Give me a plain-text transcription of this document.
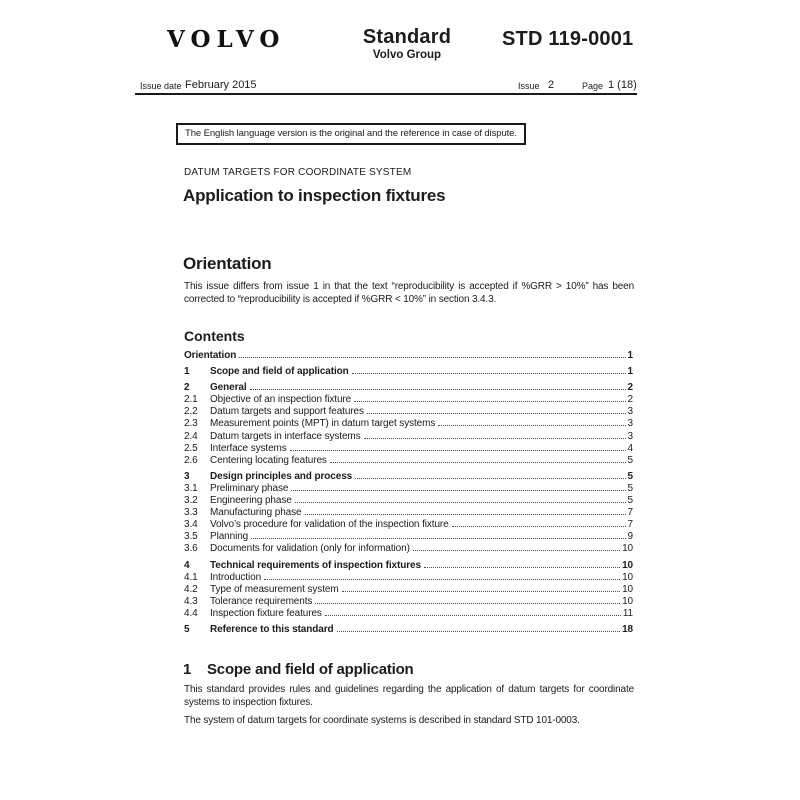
VOLVO	Standard
Volvo Group
STD 119-0001
Issue date February 2015	Issue 2	Page 1 (18)
The English language version is the original and the reference in case of dispute.
DATUM TARGETS FOR COORDINATE SYSTEM
Application to inspection fixtures
Orientation
This issue differs from issue 1 in that the text “reproducibility is accepted if %GRR > 10%” has been corrected to “reproducibility is accepted if %GRR < 10%” in section 3.4.3.
Contents
Orientation	1
1	Scope and field of application	1
2	General	2
2.1	Objective of an inspection fixture	2
2.2	Datum targets and support features	3
2.3	Measurement points (MPT) in datum target systems	3
2.4	Datum targets in interface systems	3
2.5	Interface systems	4
2.6	Centering locating features	5
3	Design principles and process	5
3.1	Preliminary phase	5
3.2	Engineering phase	5
3.3	Manufacturing phase	7
3.4	Volvo’s procedure for validation of the inspection fixture	7
3.5	Planning	9
3.6	Documents for validation (only for information)	10
4	Technical requirements of inspection fixtures	10
4.1	Introduction	10
4.2	Type of measurement system	10
4.3	Tolerance requirements	10
4.4	Inspection fixture features	11
5	Reference to this standard	18
1 Scope and field of application
This standard provides rules and guidelines regarding the application of datum targets for coordinate systems to inspection fixtures.
The system of datum targets for coordinate systems is described in standard STD 101-0003.
